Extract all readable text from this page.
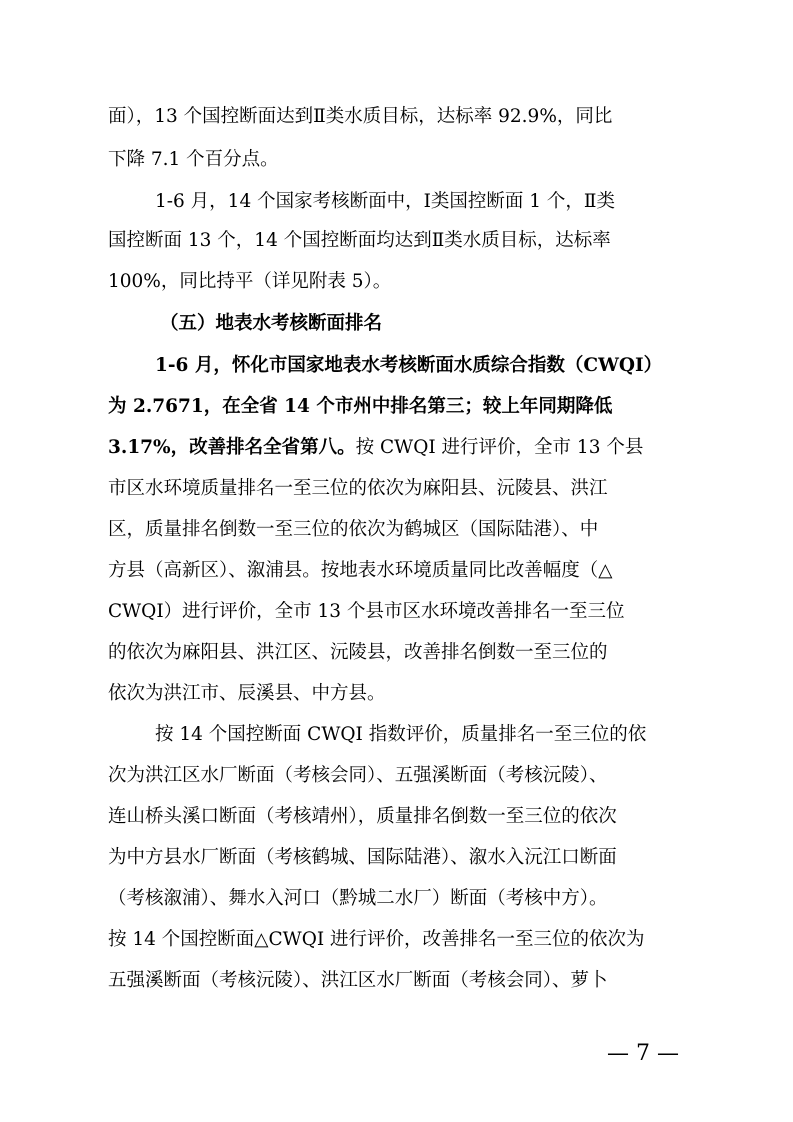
面），13 个国控断面达到Ⅱ类水质目标，达标率 92.9%，同比
下降 7.1 个百分点。
1-6 月，14 个国家考核断面中，Ⅰ类国控断面 1 个，Ⅱ类
国控断面 13 个，14 个国控断面均达到Ⅱ类水质目标，达标率
100%，同比持平（详见附表 5）。
（五）地表水考核断面排名
1-6 月，怀化市国家地表水考核断面水质综合指数（CWQI）
为 2.7671，在全省 14 个市州中排名第三；较上年同期降低
3.17%，改善排名全省第八。按 CWQI 进行评价，全市 13 个县
市区水环境质量排名一至三位的依次为麻阳县、沅陵县、洪江
区，质量排名倒数一至三位的依次为鹤城区（国际陆港）、中
方县（高新区）、溆浦县。按地表水环境质量同比改善幅度（△
CWQI）进行评价，全市 13 个县市区水环境改善排名一至三位
的依次为麻阳县、洪江区、沅陵县，改善排名倒数一至三位的
依次为洪江市、辰溪县、中方县。
按 14 个国控断面 CWQI 指数评价，质量排名一至三位的依
次为洪江区水厂断面（考核会同）、五强溪断面（考核沅陵）、
连山桥头溪口断面（考核靖州），质量排名倒数一至三位的依次
为中方县水厂断面（考核鹤城、国际陆港）、溆水入沅江口断面
（考核溆浦）、舞水入河口（黔城二水厂）断面（考核中方）。
按 14 个国控断面△CWQI 进行评价，改善排名一至三位的依次为
五强溪断面（考核沅陵）、洪江区水厂断面（考核会同）、萝卜
— 7 —
